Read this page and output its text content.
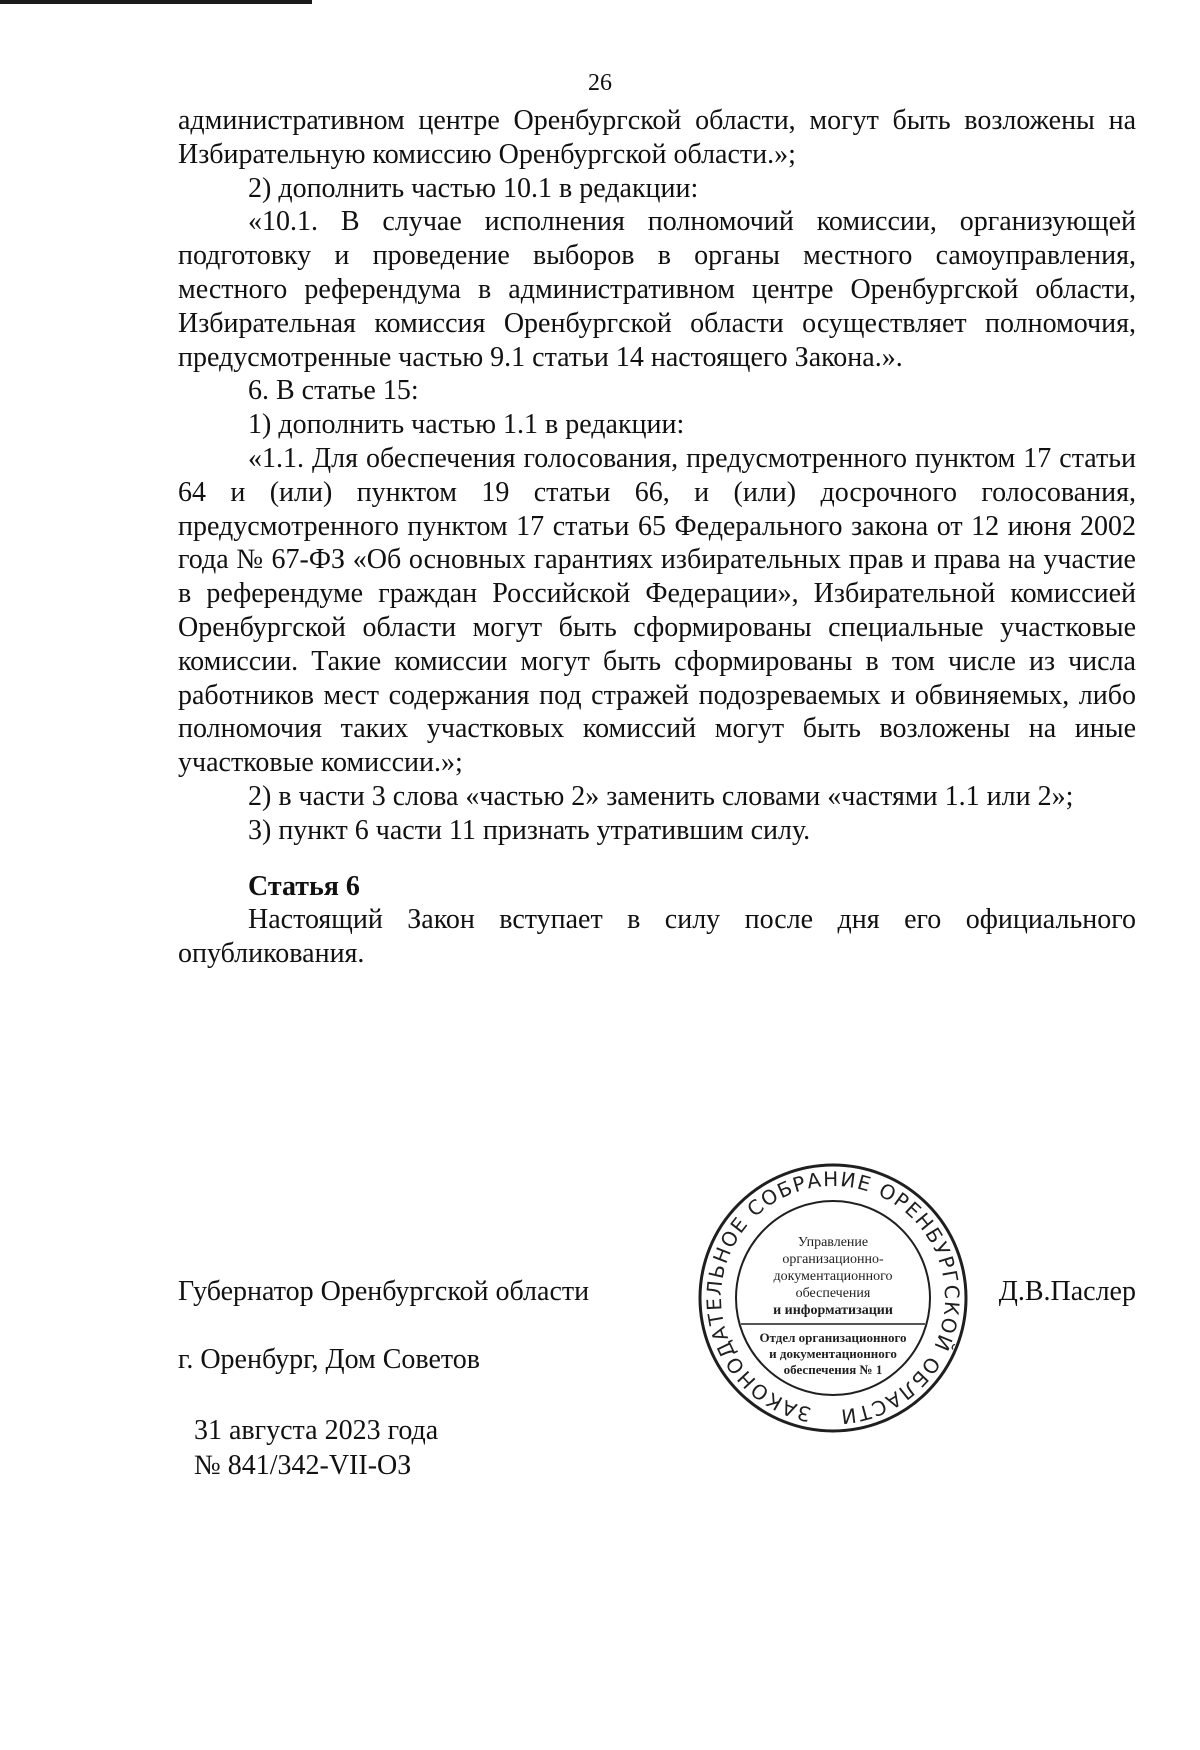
26

административном центре Оренбургской области, могут быть возложены на Избирательную комиссию Оренбургской области.»;

2) дополнить частью 10.1 в редакции:

«10.1. В случае исполнения полномочий комиссии, организующей подготовку и проведение выборов в органы местного самоуправления, местного референдума в административном центре Оренбургской области, Избирательная комиссия Оренбургской области осуществляет полномочия, предусмотренные частью 9.1 статьи 14 настоящего Закона.».

6. В статье 15:

1) дополнить частью 1.1 в редакции:

«1.1. Для обеспечения голосования, предусмотренного пунктом 17 статьи 64 и (или) пунктом 19 статьи 66, и (или) досрочного голосования, предусмотренного пунктом 17 статьи 65 Федерального закона от 12 июня 2002 года № 67-ФЗ «Об основных гарантиях избирательных прав и права на участие в референдуме граждан Российской Федерации», Избирательной комиссией Оренбургской области могут быть сформированы специальные участковые комиссии. Такие комиссии могут быть сформированы в том числе из числа работников мест содержания под стражей подозреваемых и обвиняемых, либо полномочия таких участковых комиссий могут быть возложены на иные участковые комиссии.»;

2) в части 3 слова «частью 2» заменить словами «частями 1.1 или 2»;

3) пункт 6 части 11 признать утратившим силу.

Статья 6

Настоящий Закон вступает в силу после дня его официального опубликования.

Губернатор Оренбургской области	Д.В.Паслер
г. Оренбург, Дом Советов
31 августа 2023 года
№ 841/342-VII-ОЗ
ЗАКОНОДАТЕЛЬНОЕ СОБРАНИЕ ОРЕНБУРГСКОЙ ОБЛАСТИ
Управление
организационно-
документационного
обеспечения
и информатизации
Отдел организационного
и документационного
обеспечения № 1
